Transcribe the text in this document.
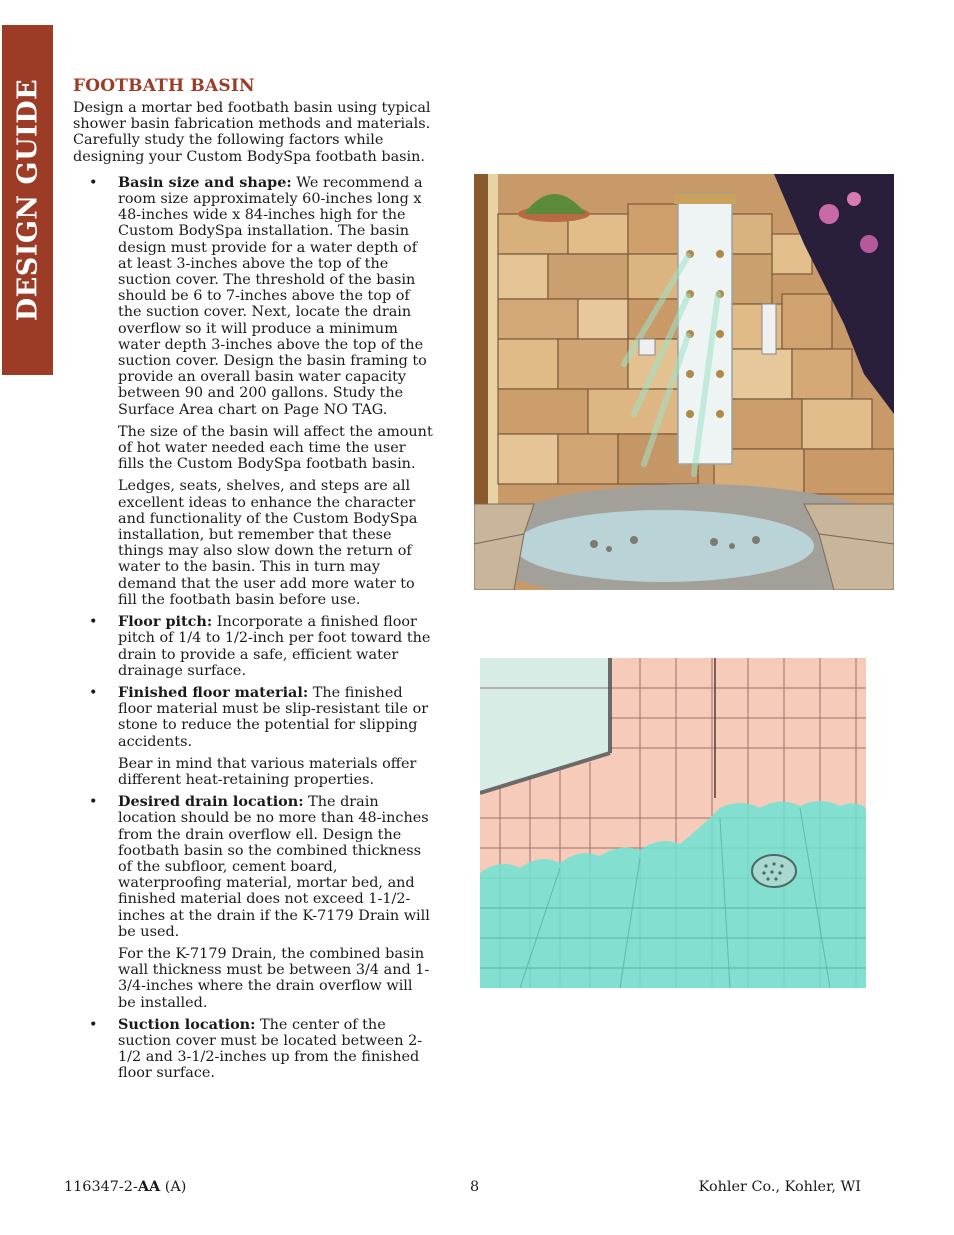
DESIGN GUIDE FOOTBATH BASIN

Design a mortar bed footbath basin using typical shower basin fabrication methods and materials. Carefully study the following factors while designing your Custom BodySpa footbath basin.

• Basin size and shape: We recommend a room size approximately 60-inches long x 48-inches wide x 84-inches high for the Custom BodySpa installation. The basin design must provide for a water depth of at least 3-inches above the top of the suction cover. The threshold of the basin should be 6 to 7-inches above the top of the suction cover. Next, locate the drain overflow so it will produce a minimum water depth 3-inches above the top of the suction cover. Design the basin framing to provide an overall basin water capacity between 90 and 200 gallons. Study the Surface Area chart on Page NO TAG.

The size of the basin will affect the amount of hot water needed each time the user fills the Custom BodySpa footbath basin.

Ledges, seats, shelves, and steps are all excellent ideas to enhance the character and functionality of the Custom BodySpa installation, but remember that these things may also slow down the return of water to the basin. This in turn may demand that the user add more water to fill the footbath basin before use.

• Floor pitch: Incorporate a finished floor pitch of 1/4 to 1/2-inch per foot toward the drain to provide a safe, efficient water drainage surface.

• Finished floor material: The finished floor material must be slip-resistant tile or stone to reduce the potential for slipping accidents.

Bear in mind that various materials offer different heat-retaining properties.

• Desired drain location: The drain location should be no more than 48-inches from the drain overflow ell. Design the footbath basin so the combined thickness of the subfloor, cement board, waterproofing material, mortar bed, and finished material does not exceed 1-1/2-inches at the drain if the K-7179 Drain will be used.

For the K-7179 Drain, the combined basin wall thickness must be between 3/4 and 1-3/4-inches where the drain overflow will be installed.

• Suction location: The center of the suction cover must be located between 2-1/2 and 3-1/2-inches up from the finished floor surface.

116347-2-AA (A)	8	Kohler Co., Kohler, WI
